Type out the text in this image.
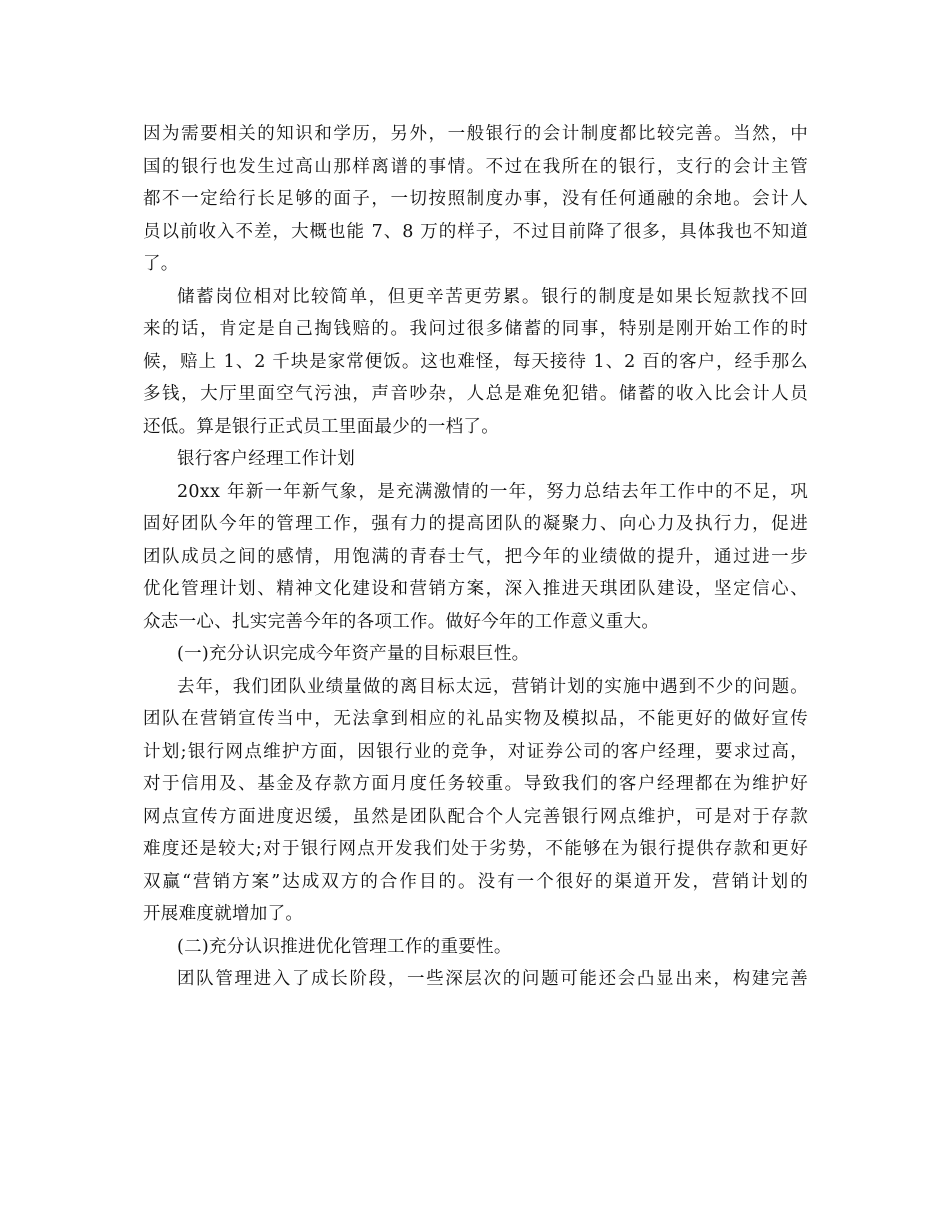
因为需要相关的知识和学历，另外，一般银行的会计制度都比较完善。当然，中
国的银行也发生过高山那样离谱的事情。不过在我所在的银行，支行的会计主管
都不一定给行长足够的面子，一切按照制度办事，没有任何通融的余地。会计人
员以前收入不差，大概也能 7、8 万的样子，不过目前降了很多，具体我也不知道
了。
储蓄岗位相对比较简单，但更辛苦更劳累。银行的制度是如果长短款找不回
来的话，肯定是自己掏钱赔的。我问过很多储蓄的同事，特别是刚开始工作的时
候，赔上 1、2 千块是家常便饭。这也难怪，每天接待 1、2 百的客户，经手那么
多钱，大厅里面空气污浊，声音吵杂，人总是难免犯错。储蓄的收入比会计人员
还低。算是银行正式员工里面最少的一档了。
银行客户经理工作计划
20xx 年新一年新气象，是充满激情的一年，努力总结去年工作中的不足，巩
固好团队今年的管理工作，强有力的提高团队的凝聚力、向心力及执行力，促进
团队成员之间的感情，用饱满的青春士气，把今年的业绩做的提升，通过进一步
优化管理计划、精神文化建设和营销方案，深入推进天琪团队建设，坚定信心、
众志一心、扎实完善今年的各项工作。做好今年的工作意义重大。
(一)充分认识完成今年资产量的目标艰巨性。
去年，我们团队业绩量做的离目标太远，营销计划的实施中遇到不少的问题。
团队在营销宣传当中，无法拿到相应的礼品实物及模拟品，不能更好的做好宣传
计划;银行网点维护方面，因银行业的竞争，对证券公司的客户经理，要求过高，
对于信用及、基金及存款方面月度任务较重。导致我们的客户经理都在为维护好
网点宣传方面进度迟缓，虽然是团队配合个人完善银行网点维护，可是对于存款
难度还是较大;对于银行网点开发我们处于劣势，不能够在为银行提供存款和更好
双赢“营销方案”达成双方的合作目的。没有一个很好的渠道开发，营销计划的
开展难度就增加了。
(二)充分认识推进优化管理工作的重要性。
团队管理进入了成长阶段，一些深层次的问题可能还会凸显出来，构建完善
